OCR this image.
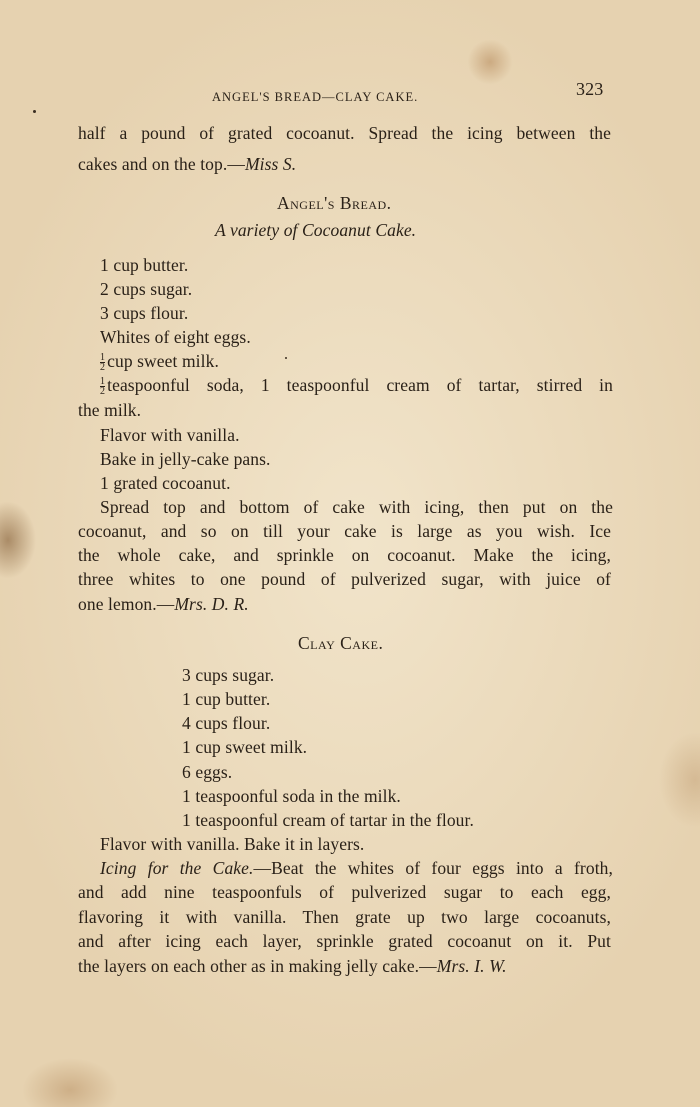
ANGEL'S BREAD—CLAY CAKE.	323
half a pound of grated cocoanut. Spread the icing between the
cakes and on the top.—Miss S.
Angel's Bread.
A variety of Cocoanut Cake.
1 cup butter.
2 cups sugar.
3 cups flour.
Whites of eight eggs.
$\frac{1}{2}$ cup sweet milk.
$\frac{1}{2}$ teaspoonful soda, 1 teaspoonful cream of tartar, stirred in
the milk.
Flavor with vanilla.
Bake in jelly-cake pans.
1 grated cocoanut.
Spread top and bottom of cake with icing, then put on the
cocoanut, and so on till your cake is large as you wish. Ice
the whole cake, and sprinkle on cocoanut. Make the icing,
three whites to one pound of pulverized sugar, with juice of
one lemon.—Mrs. D. R.
Clay Cake.
3 cups sugar.
1 cup butter.
4 cups flour.
1 cup sweet milk.
6 eggs.
1 teaspoonful soda in the milk.
1 teaspoonful cream of tartar in the flour.
Flavor with vanilla. Bake it in layers.
Icing for the Cake.—Beat the whites of four eggs into a froth,
and add nine teaspoonfuls of pulverized sugar to each egg,
flavoring it with vanilla. Then grate up two large cocoanuts,
and after icing each layer, sprinkle grated cocoanut on it. Put
the layers on each other as in making jelly cake.—Mrs. I. W.
